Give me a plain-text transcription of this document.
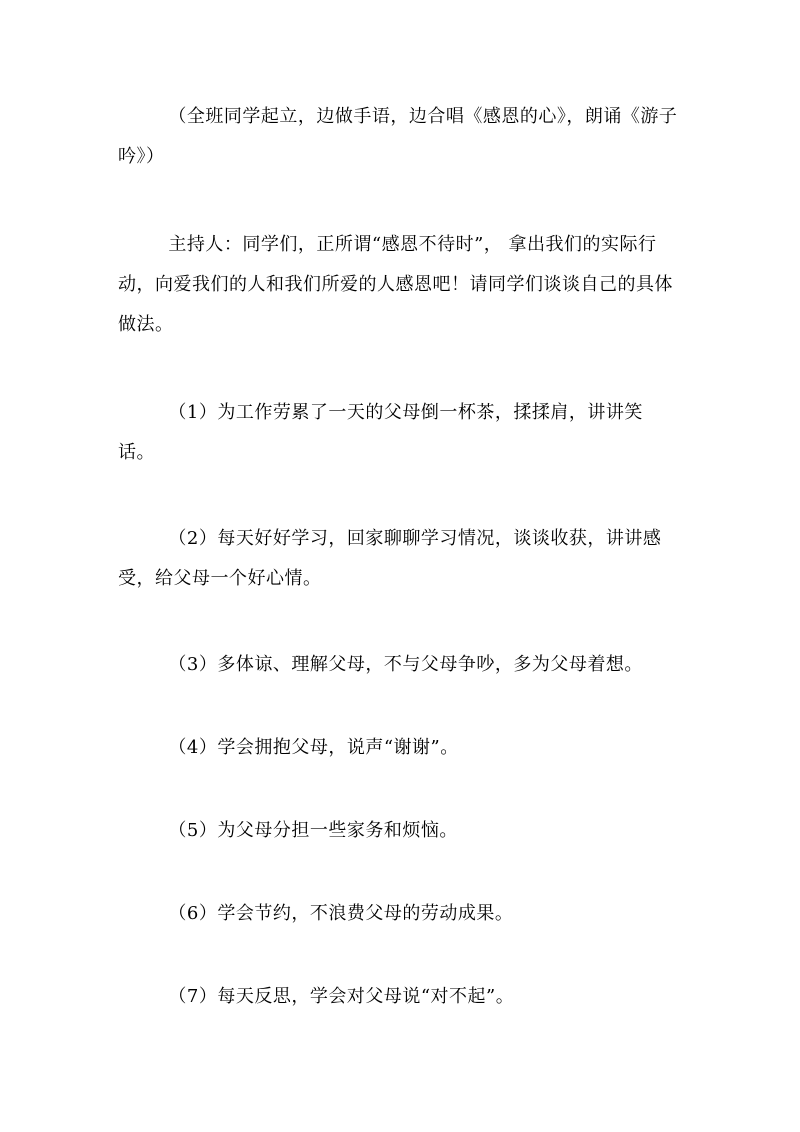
（全班同学起立，边做手语，边合唱《感恩的心》，朗诵《游子吟》）

主持人：同学们，正所谓“感恩不待时”， 拿出我们的实际行动，向爱我们的人和我们所爱的人感恩吧！请同学们谈谈自己的具体做法。

（1）为工作劳累了一天的父母倒一杯茶，揉揉肩，讲讲笑话。

（2）每天好好学习，回家聊聊学习情况，谈谈收获，讲讲感受，给父母一个好心情。

（3）多体谅、理解父母，不与父母争吵，多为父母着想。

（4）学会拥抱父母，说声“谢谢”。

（5）为父母分担一些家务和烦恼。

（6）学会节约，不浪费父母的劳动成果。

（7）每天反思，学会对父母说“对不起”。
